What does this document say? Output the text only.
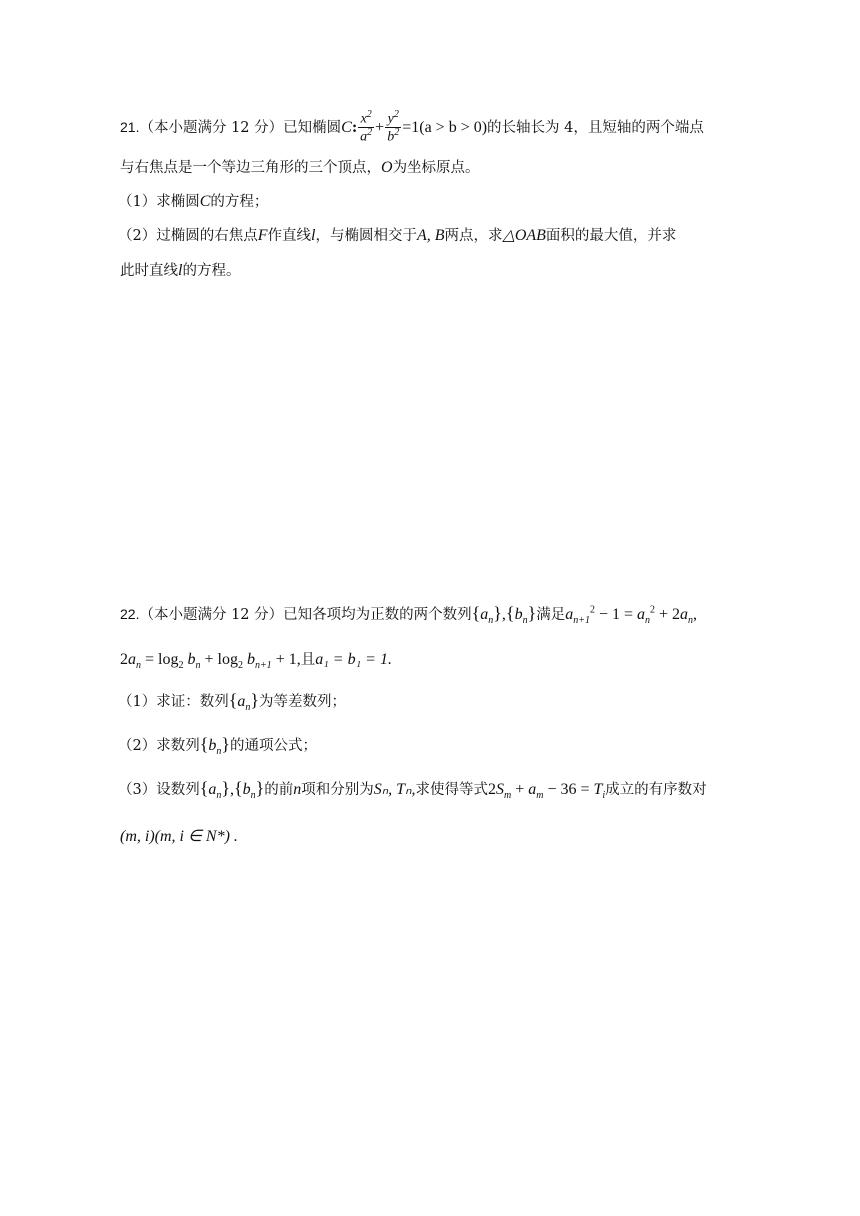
21.（本小题满分 12 分）已知椭圆C: $\frac{x^2}{a^2} + \frac{y^2}{b^2} =1(a > b > 0)$的长轴长为 4，且短轴的两个端点
与右焦点是一个等边三角形的三个顶点，O为坐标原点。
（1）求椭圆C的方程；
（2）过椭圆的右焦点F作直线l，与椭圆相交于A, B两点，求△OAB面积的最大值，并求
此时直线l的方程。
22.（本小题满分 12 分）已知各项均为正数的两个数列$\{a_n\},\{b_n\}$满足$a_{n+1}^2 - 1 = a_n^2 + 2a_n$,
$2a_n = \log_2 b_n + \log_2 b_{n+1} + 1$,且a₁ = b₁ = 1.
（1）求证：数列$\{a_n\}$为等差数列；
（2）求数列$\{b_n\}$的通项公式；
（3）设数列$\{a_n\},\{b_n\}$的前n项和分别为Sₙ, Tₙ,求使得等式$2S_m + a_m - 36 = T_i$成立的有序数对
(m, i)(m, i ∈ N*) .
